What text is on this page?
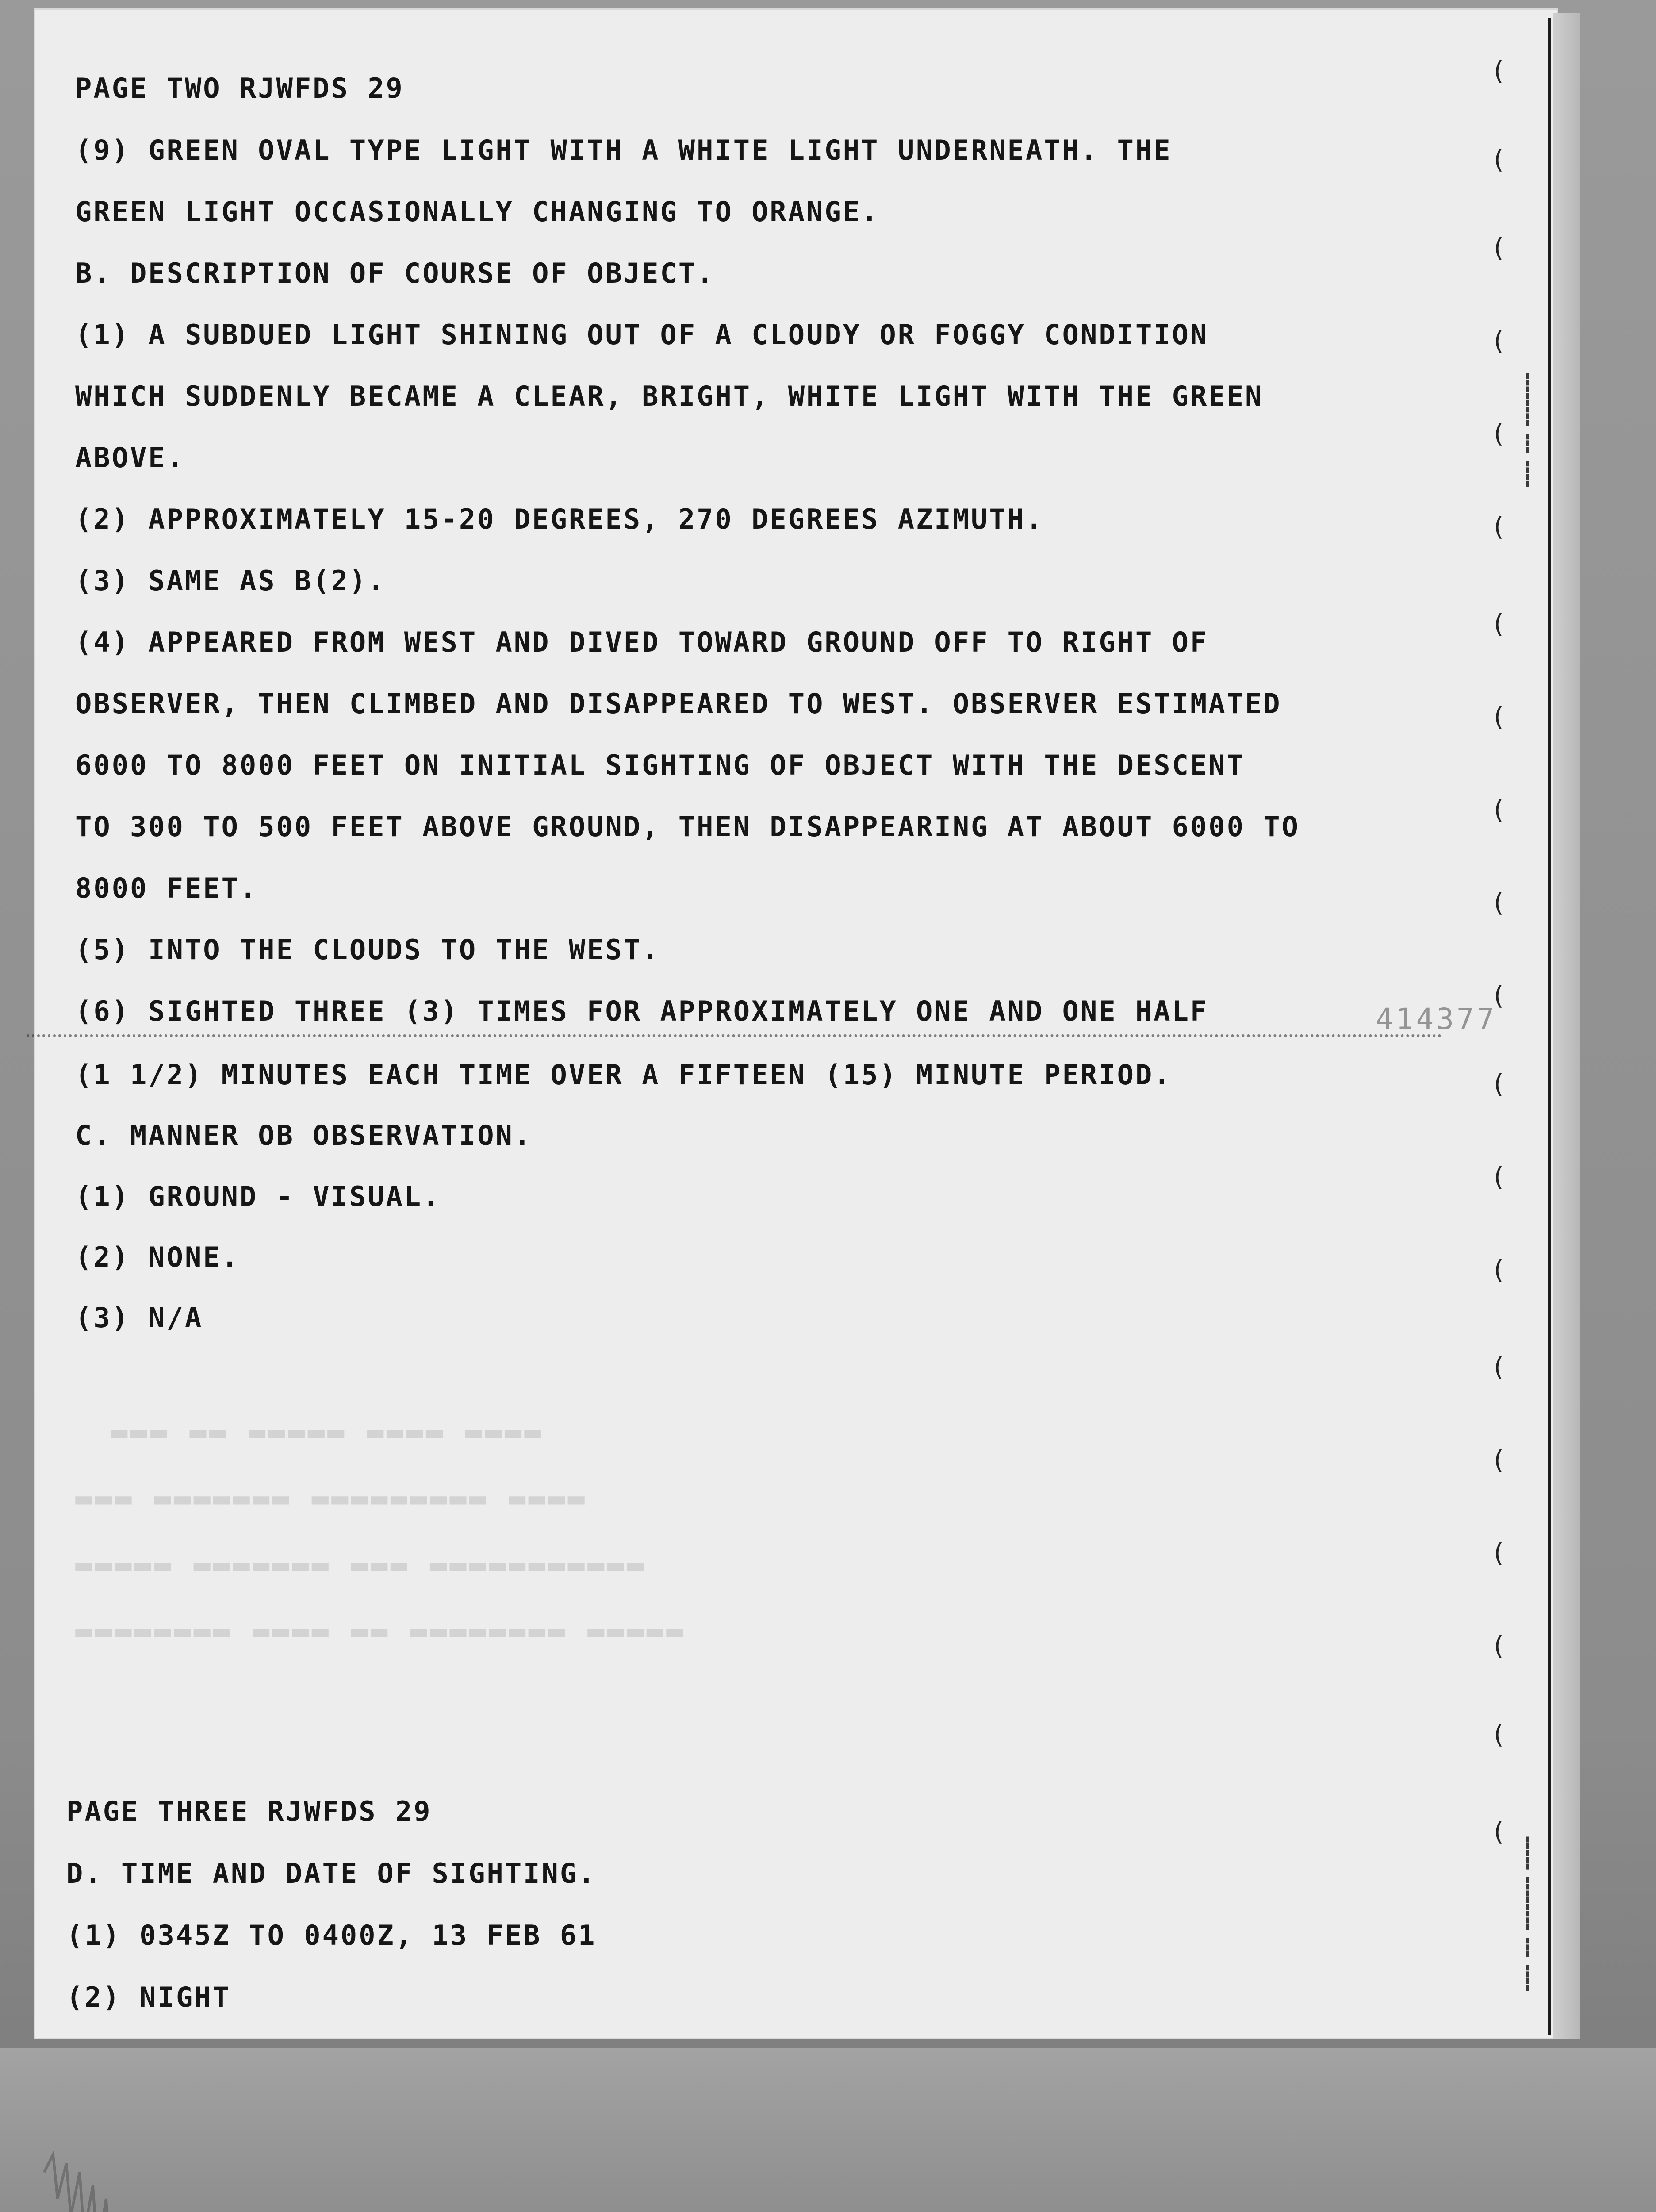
▬▬▬ ▬▬ ▬▬▬▬▬ ▬▬▬▬ ▬▬▬▬
▬▬▬ ▬▬▬▬▬▬▬ ▬▬▬▬▬▬▬▬▬ ▬▬▬▬
▬▬▬▬▬ ▬▬▬▬▬▬▬ ▬▬▬ ▬▬▬▬▬▬▬▬▬▬▬
▬▬▬▬▬▬▬▬ ▬▬▬▬ ▬▬ ▬▬▬▬▬▬▬▬ ▬▬▬▬▬
(
(
(
(
(
(
(
(
(
(
(
(
(
(
(
(
(
(
(
(
▬▬▬▬ ▬▬▬ ▬▬▬▬▬▬▬▬
▬▬▬▬ ▬▬▬ ▬▬▬▬▬▬▬▬ ▬▬▬▬▬
414377
PAGE TWO RJWFDS 29
(9) GREEN OVAL TYPE LIGHT WITH A WHITE LIGHT UNDERNEATH. THE
GREEN LIGHT OCCASIONALLY CHANGING TO ORANGE.
B. DESCRIPTION OF COURSE OF OBJECT.
(1) A SUBDUED LIGHT SHINING OUT OF A CLOUDY OR FOGGY CONDITION
WHICH SUDDENLY BECAME A CLEAR, BRIGHT, WHITE LIGHT WITH THE GREEN
ABOVE.
(2) APPROXIMATELY 15-20 DEGREES, 270 DEGREES AZIMUTH.
(3) SAME AS B(2).
(4) APPEARED FROM WEST AND DIVED TOWARD GROUND OFF TO RIGHT OF
OBSERVER, THEN CLIMBED AND DISAPPEARED TO WEST. OBSERVER ESTIMATED
6000 TO 8000 FEET ON INITIAL SIGHTING OF OBJECT WITH THE DESCENT
TO 300 TO 500 FEET ABOVE GROUND, THEN DISAPPEARING AT ABOUT 6000 TO
8000 FEET.
(5) INTO THE CLOUDS TO THE WEST.
(6) SIGHTED THREE (3) TIMES FOR APPROXIMATELY ONE AND ONE HALF
(1 1/2) MINUTES EACH TIME OVER A FIFTEEN (15) MINUTE PERIOD.
C. MANNER OB OBSERVATION.
(1) GROUND - VISUAL.
(2) NONE.
(3) N/A
PAGE THREE RJWFDS 29
D. TIME AND DATE OF SIGHTING.
(1) 0345Z TO 0400Z, 13 FEB 61
(2) NIGHT
